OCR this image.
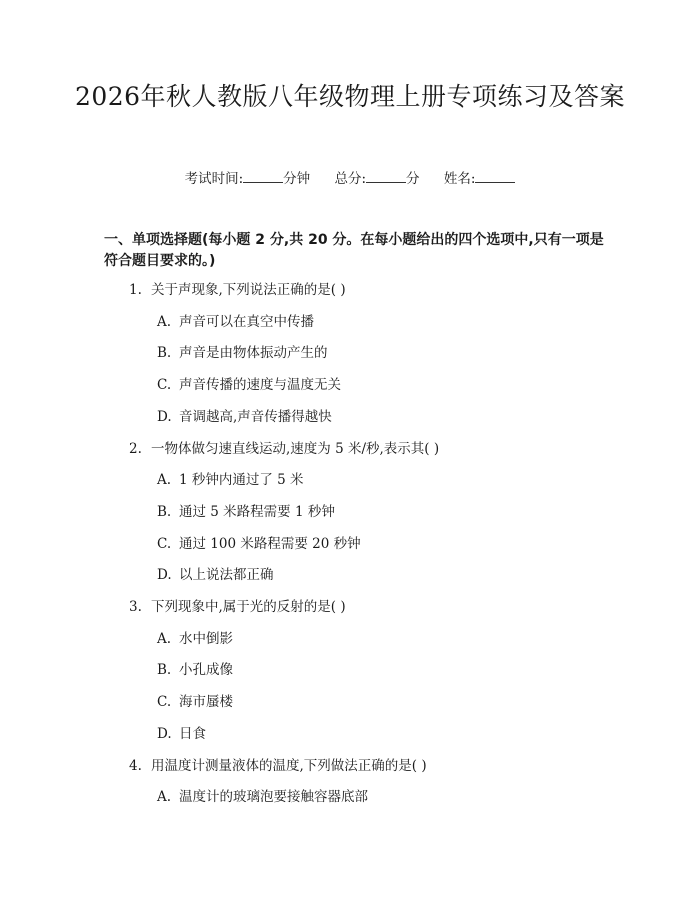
2026年秋人教版八年级物理上册专项练习及答案
考试时间:	分钟 总分:	分 姓名:
一、单项选择题(每小题 2 分,共 20 分。在每小题给出的四个选项中,只有一项是符合题目要求的。)
1. 关于声现象,下列说法正确的是( )
A. 声音可以在真空中传播
B. 声音是由物体振动产生的
C. 声音传播的速度与温度无关
D. 音调越高,声音传播得越快
2. 一物体做匀速直线运动,速度为 5 米/秒,表示其( )
A. 1 秒钟内通过了 5 米
B. 通过 5 米路程需要 1 秒钟
C. 通过 100 米路程需要 20 秒钟
D. 以上说法都正确
3. 下列现象中,属于光的反射的是( )
A. 水中倒影
B. 小孔成像
C. 海市蜃楼
D. 日食
4. 用温度计测量液体的温度,下列做法正确的是( )
A. 温度计的玻璃泡要接触容器底部
